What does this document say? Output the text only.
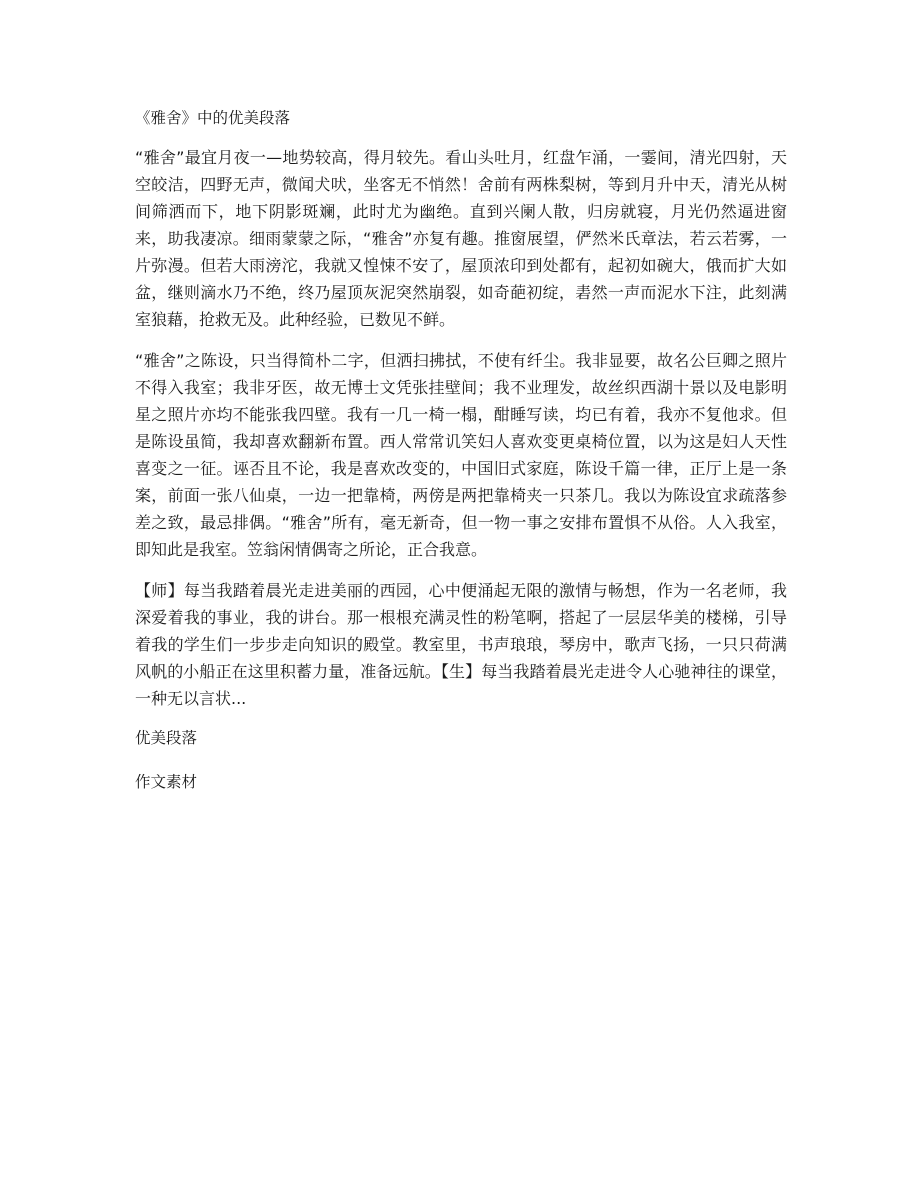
《雅舍》中的优美段落

“雅舍”最宜月夜一—地势较高，得月较先。看山头吐月，红盘乍涌，一霎间，清光四射，天空皎洁，四野无声，微闻犬吠，坐客无不悄然！舍前有两株梨树，等到月升中天，清光从树间筛洒而下，地下阴影斑斓，此时尤为幽绝。直到兴阑人散，归房就寝，月光仍然逼进窗来，助我凄凉。细雨蒙蒙之际，“雅舍”亦复有趣。推窗展望，俨然米氏章法，若云若雾，一片弥漫。但若大雨滂沱，我就又惶悚不安了，屋顶浓印到处都有，起初如碗大，俄而扩大如盆，继则滴水乃不绝，终乃屋顶灰泥突然崩裂，如奇葩初绽，砉然一声而泥水下注，此刻满室狼藉，抢救无及。此种经验，已数见不鲜。

“雅舍”之陈设，只当得简朴二字，但洒扫拂拭，不使有纤尘。我非显要，故名公巨卿之照片不得入我室；我非牙医，故无博士文凭张挂壁间；我不业理发，故丝织西湖十景以及电影明星之照片亦均不能张我四壁。我有一几一椅一榻，酣睡写读，均已有着，我亦不复他求。但是陈设虽简，我却喜欢翻新布置。西人常常讥笑妇人喜欢变更桌椅位置，以为这是妇人天性喜变之一征。诬否且不论，我是喜欢改变的，中国旧式家庭，陈设千篇一律，正厅上是一条案，前面一张八仙桌，一边一把靠椅，两傍是两把靠椅夹一只茶几。我以为陈设宜求疏落参差之致，最忌排偶。“雅舍”所有，毫无新奇，但一物一事之安排布置惧不从俗。人入我室，即知此是我室。笠翁闲情偶寄之所论，正合我意。

【师】每当我踏着晨光走进美丽的西园，心中便涌起无限的激情与畅想，作为一名老师，我深爱着我的事业，我的讲台。那一根根充满灵性的粉笔啊，搭起了一层层华美的楼梯，引导着我的学生们一步步走向知识的殿堂。教室里，书声琅琅，琴房中，歌声飞扬，一只只荷满风帆的小船正在这里积蓄力量，准备远航。【生】每当我踏着晨光走进令人心驰神往的课堂，一种无以言状...

优美段落
作文素材
